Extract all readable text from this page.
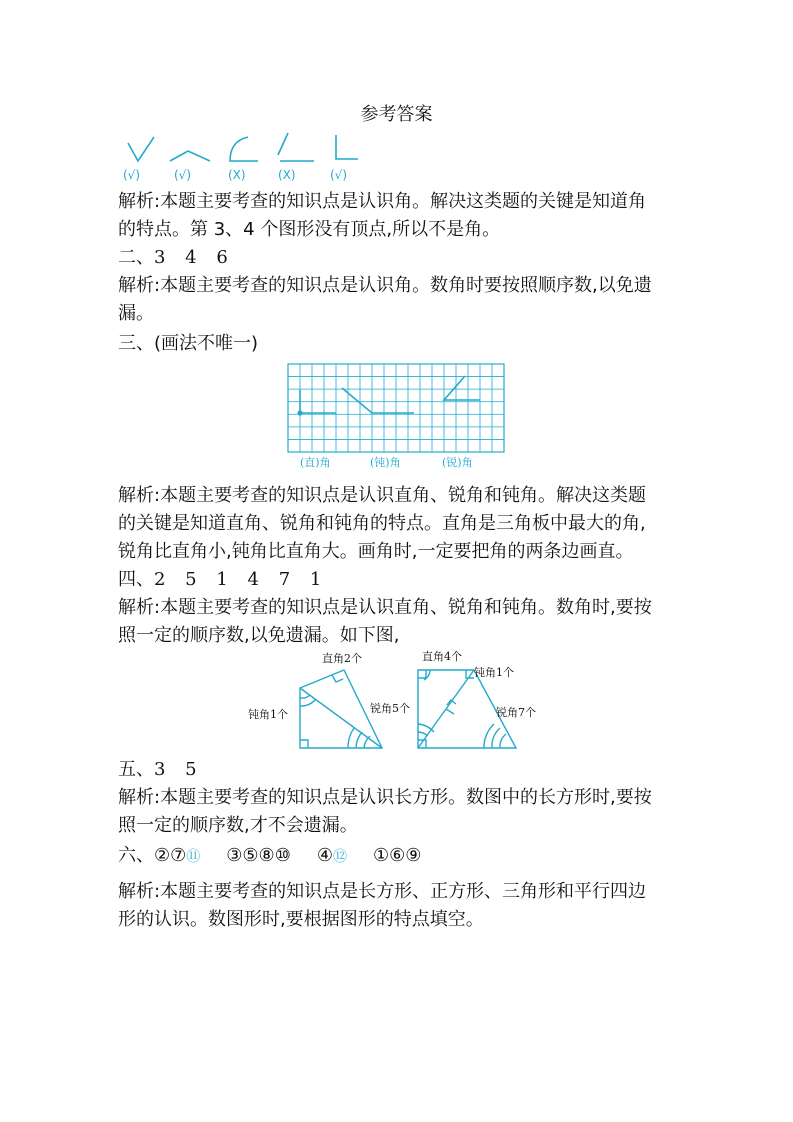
参考答案
(√)	(√)	(X)	(X)	(√)
解析:本题主要考查的知识点是认识角。解决这类题的关键是知道角
的特点。第 3、4 个图形没有顶点,所以不是角。
二、3 4 6
解析:本题主要考查的知识点是认识角。数角时要按照顺序数,以免遗
漏。
三、(画法不唯一)
(直)角	(钝)角	(锐)角
解析:本题主要考查的知识点是认识直角、锐角和钝角。解决这类题
的关键是知道直角、锐角和钝角的特点。直角是三角板中最大的角,
锐角比直角小,钝角比直角大。画角时,一定要把角的两条边画直。
四、2 5 1 4 7 1
解析:本题主要考查的知识点是认识直角、锐角和钝角。数角时,要按
照一定的顺序数,以免遗漏。如下图,
直角2个
钝角1个	锐角5个
直角4个
钝角1个
锐角7个
五、3 5
解析:本题主要考查的知识点是认识长方形。数图中的长方形时,要按
照一定的顺序数,才不会遗漏。
六、②⑦⑪ ③⑤⑧⑩ ④⑫ ①⑥⑨
解析:本题主要考查的知识点是长方形、正方形、三角形和平行四边
形的认识。数图形时,要根据图形的特点填空。
